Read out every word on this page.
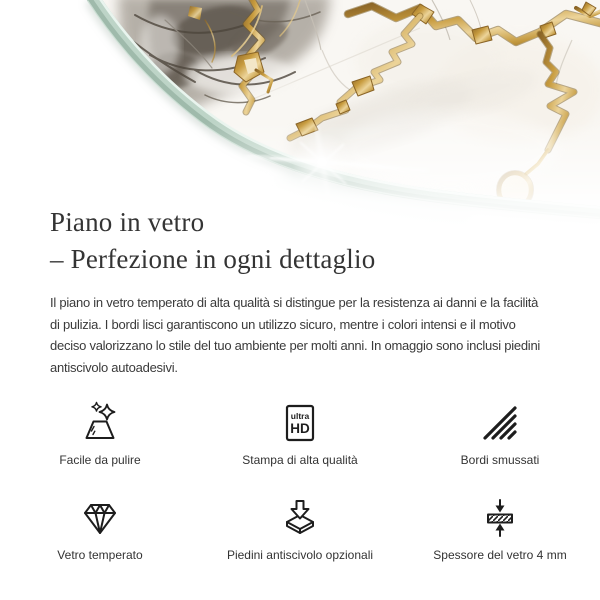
Piano in vetro
– Perfezione in ogni dettaglio
Il piano in vetro temperato di alta qualità si distingue per la resistenza ai danni e la facilità
di pulizia. I bordi lisci garantiscono un utilizzo sicuro, mentre i colori intensi e il motivo
deciso valorizzano lo stile del tuo ambiente per molti anni. In omaggio sono inclusi piedini
antiscivolo autoadesivi.
Facile da pulire
ultra
HD
Stampa di alta qualità	Bordi smussati
Vetro temperato	Piedini antiscivolo opzionali	Spessore del vetro 4 mm
